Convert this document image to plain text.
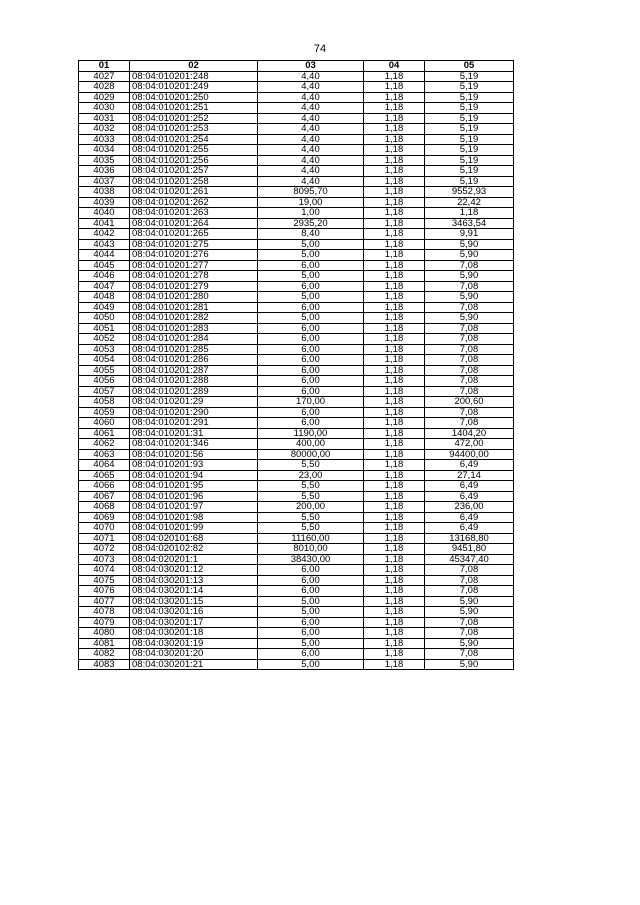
74
01	02	03	04	05
4027	08:04:010201:248	4,40	1,18	5,19
4028	08:04:010201:249	4,40	1,18	5,19
4029	08:04:010201:250	4,40	1,18	5,19
4030	08:04:010201:251	4,40	1,18	5,19
4031	08:04:010201:252	4,40	1,18	5,19
4032	08:04:010201:253	4,40	1,18	5,19
4033	08:04:010201:254	4,40	1,18	5,19
4034	08:04:010201:255	4,40	1,18	5,19
4035	08:04:010201:256	4,40	1,18	5,19
4036	08:04:010201:257	4,40	1,18	5,19
4037	08:04:010201:258	4,40	1,18	5,19
4038	08:04:010201:261	8095,70	1,18	9552,93
4039	08:04:010201:262	19,00	1,18	22,42
4040	08:04:010201:263	1,00	1,18	1,18
4041	08:04:010201:264	2935,20	1,18	3463,54
4042	08:04:010201:265	8,40	1,18	9,91
4043	08:04:010201:275	5,00	1,18	5,90
4044	08:04:010201:276	5,00	1,18	5,90
4045	08:04:010201:277	6,00	1,18	7,08
4046	08:04:010201:278	5,00	1,18	5,90
4047	08:04:010201:279	6,00	1,18	7,08
4048	08:04:010201:280	5,00	1,18	5,90
4049	08:04:010201:281	6,00	1,18	7,08
4050	08:04:010201:282	5,00	1,18	5,90
4051	08:04:010201:283	6,00	1,18	7,08
4052	08:04:010201:284	6,00	1,18	7,08
4053	08:04:010201:285	6,00	1,18	7,08
4054	08:04:010201:286	6,00	1,18	7,08
4055	08:04:010201:287	6,00	1,18	7,08
4056	08:04:010201:288	6,00	1,18	7,08
4057	08:04:010201:289	6,00	1,18	7,08
4058	08:04:010201:29	170,00	1,18	200,60
4059	08:04:010201:290	6,00	1,18	7,08
4060	08:04:010201:291	6,00	1,18	7,08
4061	08:04:010201:31	1190,00	1,18	1404,20
4062	08:04:010201:346	400,00	1,18	472,00
4063	08:04:010201:56	80000,00	1,18	94400,00
4064	08:04:010201:93	5,50	1,18	6,49
4065	08:04:010201:94	23,00	1,18	27,14
4066	08:04:010201:95	5,50	1,18	6,49
4067	08:04:010201:96	5,50	1,18	6,49
4068	08:04:010201:97	200,00	1,18	236,00
4069	08:04:010201:98	5,50	1,18	6,49
4070	08:04:010201:99	5,50	1,18	6,49
4071	08:04:020101:68	11160,00	1,18	13168,80
4072	08:04:020102:82	8010,00	1,18	9451,80
4073	08:04:020201:1	38430,00	1,18	45347,40
4074	08:04:030201:12	6,00	1,18	7,08
4075	08:04:030201:13	6,00	1,18	7,08
4076	08:04:030201:14	6,00	1,18	7,08
4077	08:04:030201:15	5,00	1,18	5,90
4078	08:04:030201:16	5,00	1,18	5,90
4079	08:04:030201:17	6,00	1,18	7,08
4080	08:04:030201:18	6,00	1,18	7,08
4081	08:04:030201:19	5,00	1,18	5,90
4082	08:04:030201:20	6,00	1,18	7,08
4083	08:04:030201:21	5,00	1,18	5,90
